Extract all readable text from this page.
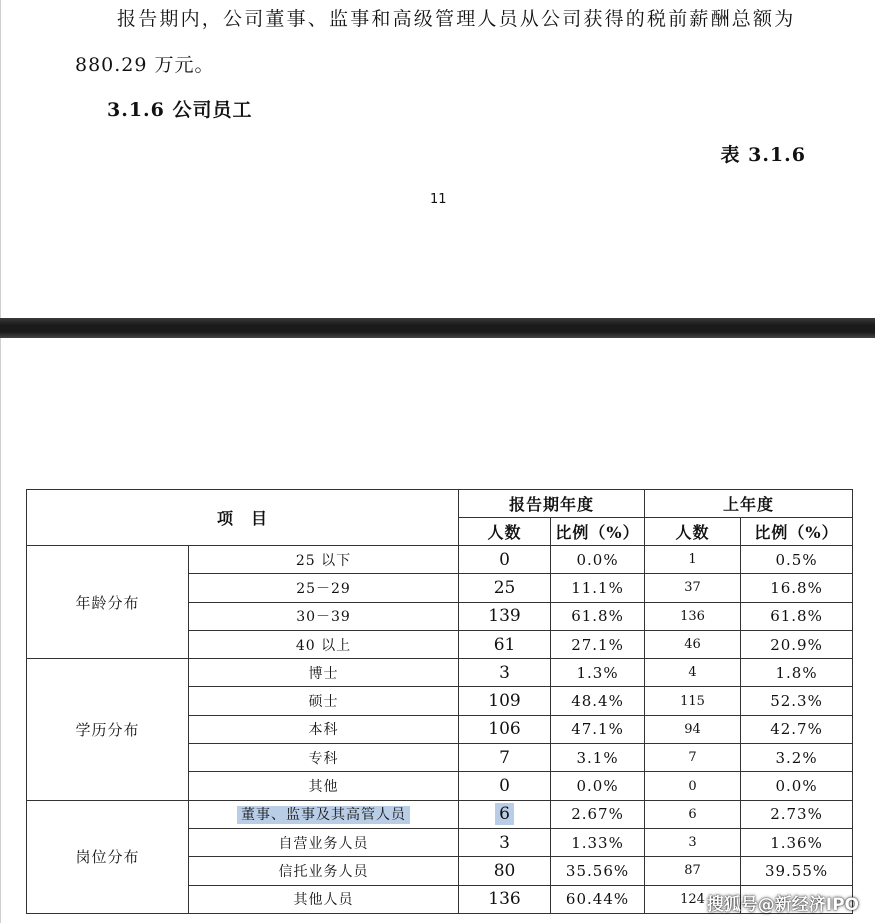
报告期内，公司董事、监事和高级管理人员从公司获得的税前薪酬总额为
880.29 万元。
3.1.6 公司员工
表 3.1.6
11
项　目		报告期年度		上年度	
		人数	比例（%）	人数	比例（%）
年龄分布	25 以下	0	0.0%	1	0.5%
	25－29	25	11.1%	37	16.8%
	30－39	139	61.8%	136	61.8%
	40 以上	61	27.1%	46	20.9%
学历分布	博士	3	1.3%	4	1.8%
	硕士	109	48.4%	115	52.3%
	本科	106	47.1%	94	42.7%
	专科	7	3.1%	7	3.2%
	其他	0	0.0%	0	0.0%
岗位分布	董事、监事及其高管人员	6	2.67%	6	2.73%
	自营业务人员	3	1.33%	3	1.36%
	信托业务人员	80	35.56%	87	39.55%
	其他人员	136	60.44%	124	搜狐号@新经济IPO
